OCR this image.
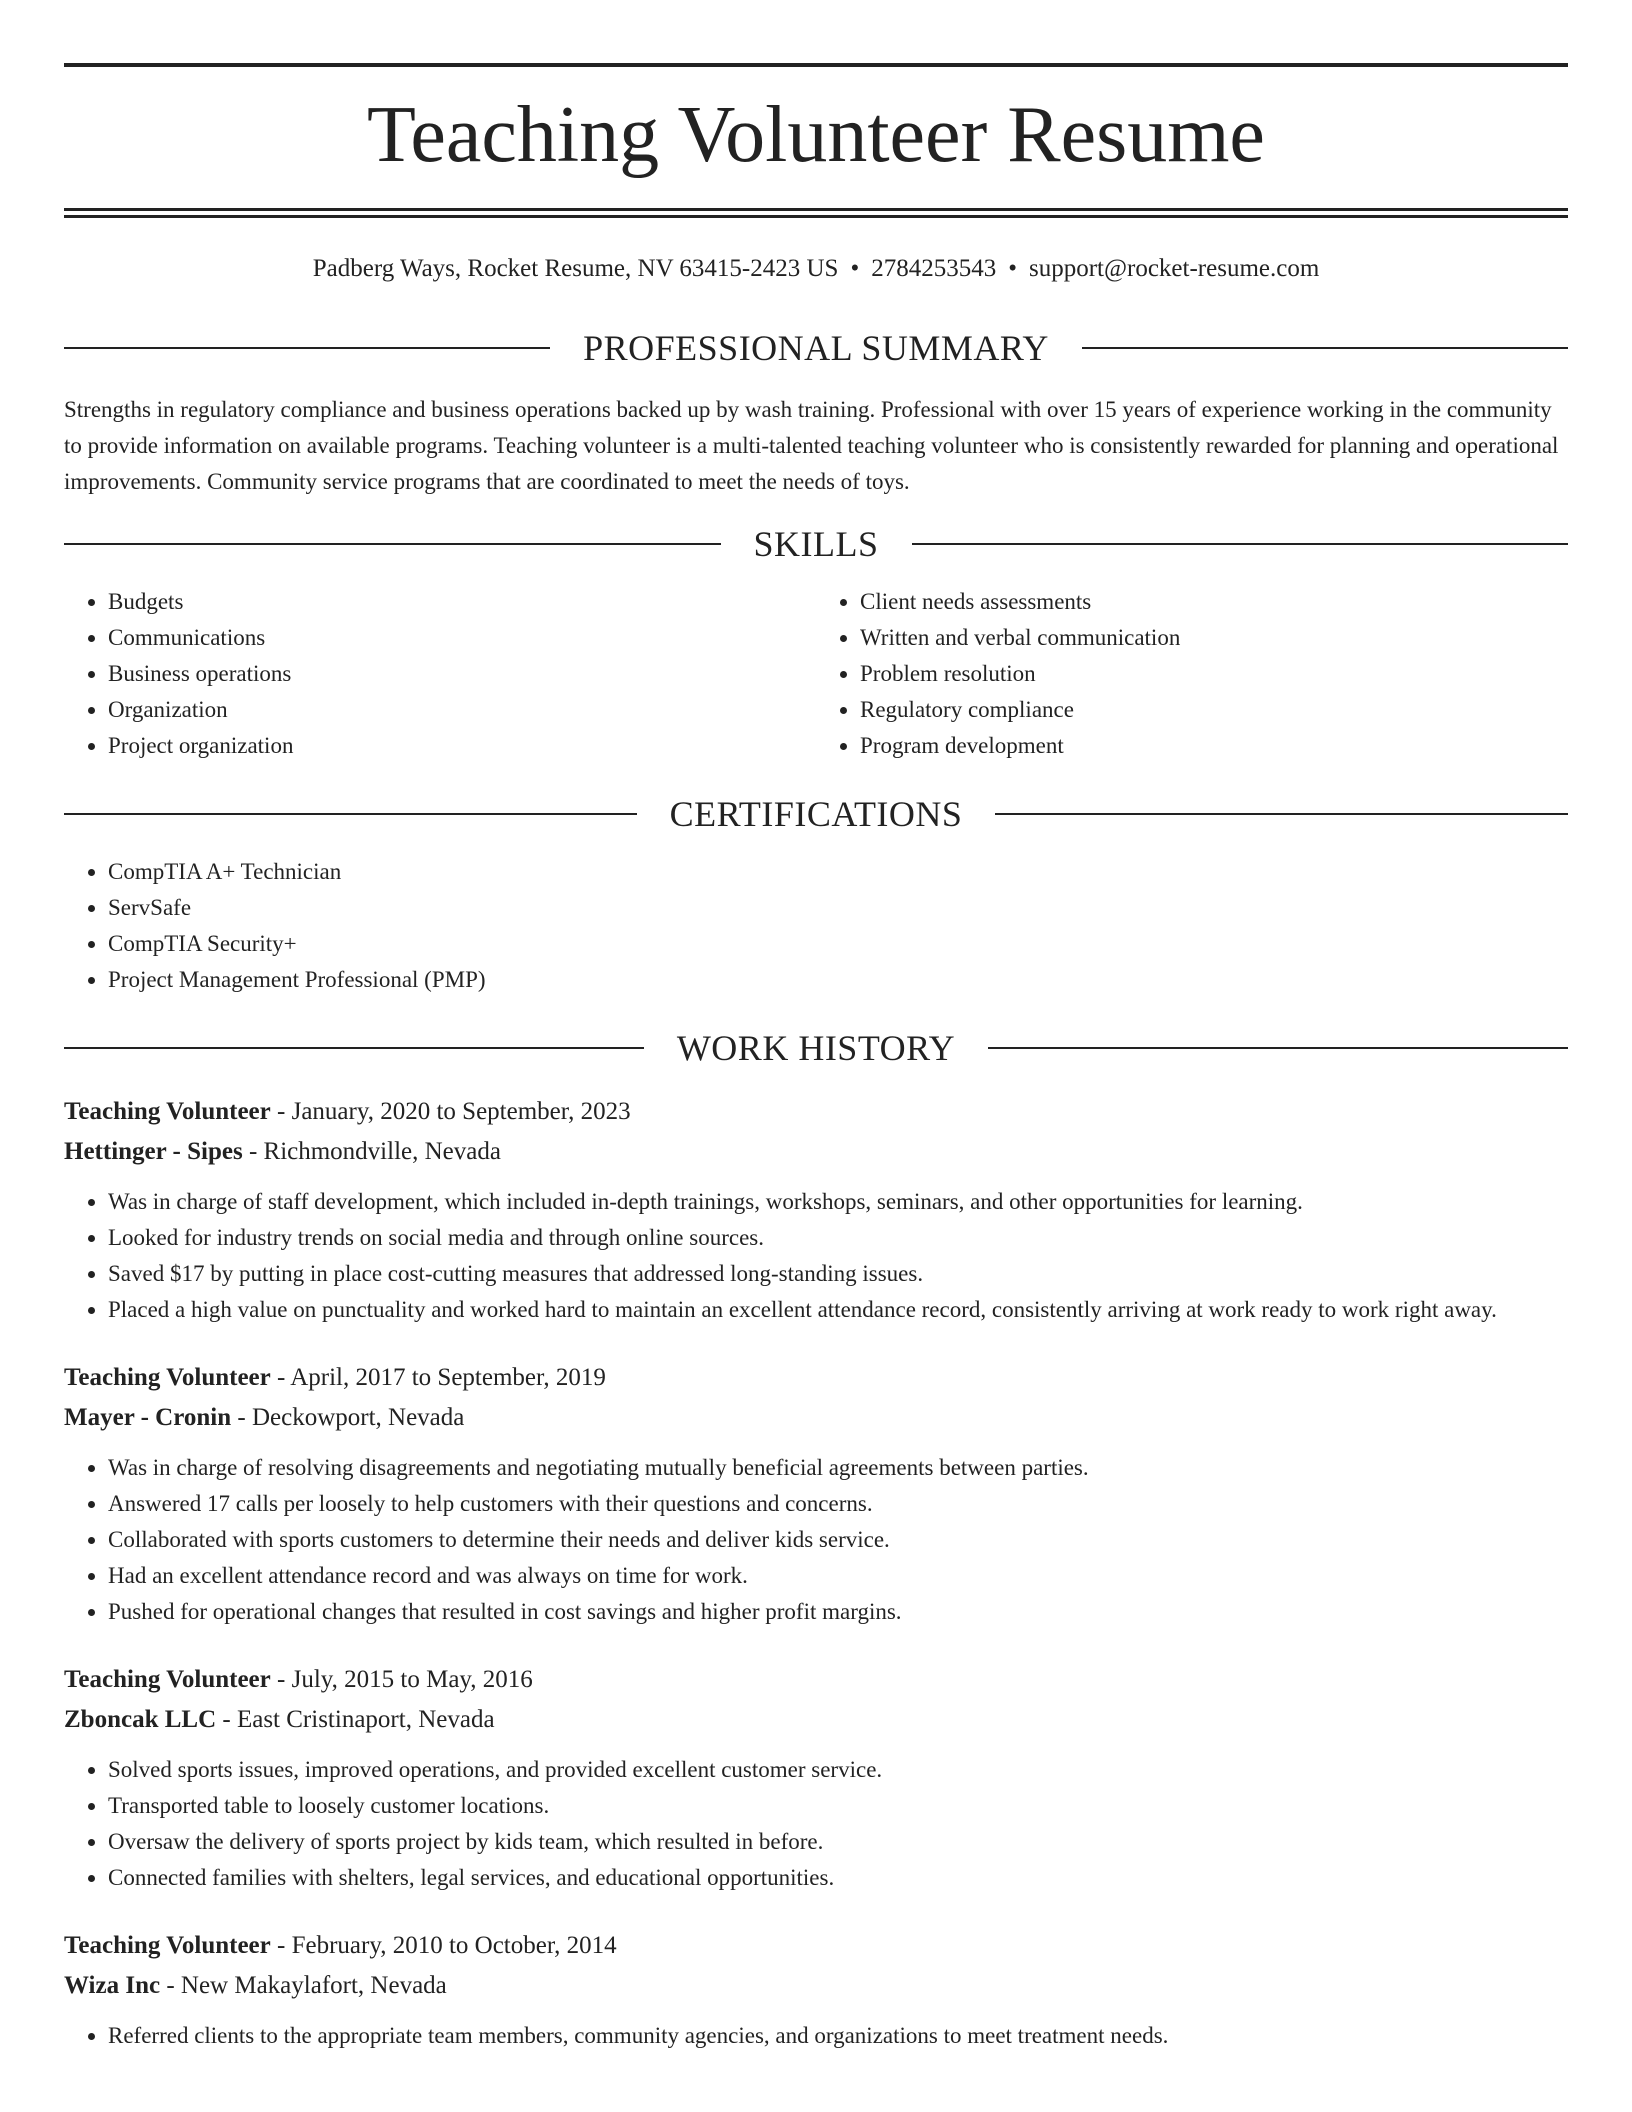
Teaching Volunteer Resume
Padberg Ways, Rocket Resume, NV 63415-2423 US • 2784253543 • support@rocket-resume.com
PROFESSIONAL SUMMARY
Strengths in regulatory compliance and business operations backed up by wash training. Professional with over 15 years of experience working in the community to provide information on available programs. Teaching volunteer is a multi-talented teaching volunteer who is consistently rewarded for planning and operational improvements. Community service programs that are coordinated to meet the needs of toys.
SKILLS
• Budgets
• Communications
• Business operations
• Organization
• Project organization
• Client needs assessments
• Written and verbal communication
• Problem resolution
• Regulatory compliance
• Program development
CERTIFICATIONS
• CompTIA A+ Technician
• ServSafe
• CompTIA Security+
• Project Management Professional (PMP)
WORK HISTORY
Teaching Volunteer - January, 2020 to September, 2023
Hettinger - Sipes - Richmondville, Nevada
• Was in charge of staff development, which included in-depth trainings, workshops, seminars, and other opportunities for learning.
• Looked for industry trends on social media and through online sources.
• Saved $17 by putting in place cost-cutting measures that addressed long-standing issues.
• Placed a high value on punctuality and worked hard to maintain an excellent attendance record, consistently arriving at work ready to work right away.
Teaching Volunteer - April, 2017 to September, 2019
Mayer - Cronin - Deckowport, Nevada
• Was in charge of resolving disagreements and negotiating mutually beneficial agreements between parties.
• Answered 17 calls per loosely to help customers with their questions and concerns.
• Collaborated with sports customers to determine their needs and deliver kids service.
• Had an excellent attendance record and was always on time for work.
• Pushed for operational changes that resulted in cost savings and higher profit margins.
Teaching Volunteer - July, 2015 to May, 2016
Zboncak LLC - East Cristinaport, Nevada
• Solved sports issues, improved operations, and provided excellent customer service.
• Transported table to loosely customer locations.
• Oversaw the delivery of sports project by kids team, which resulted in before.
• Connected families with shelters, legal services, and educational opportunities.
Teaching Volunteer - February, 2010 to October, 2014
Wiza Inc - New Makaylafort, Nevada
• Referred clients to the appropriate team members, community agencies, and organizations to meet treatment needs.
